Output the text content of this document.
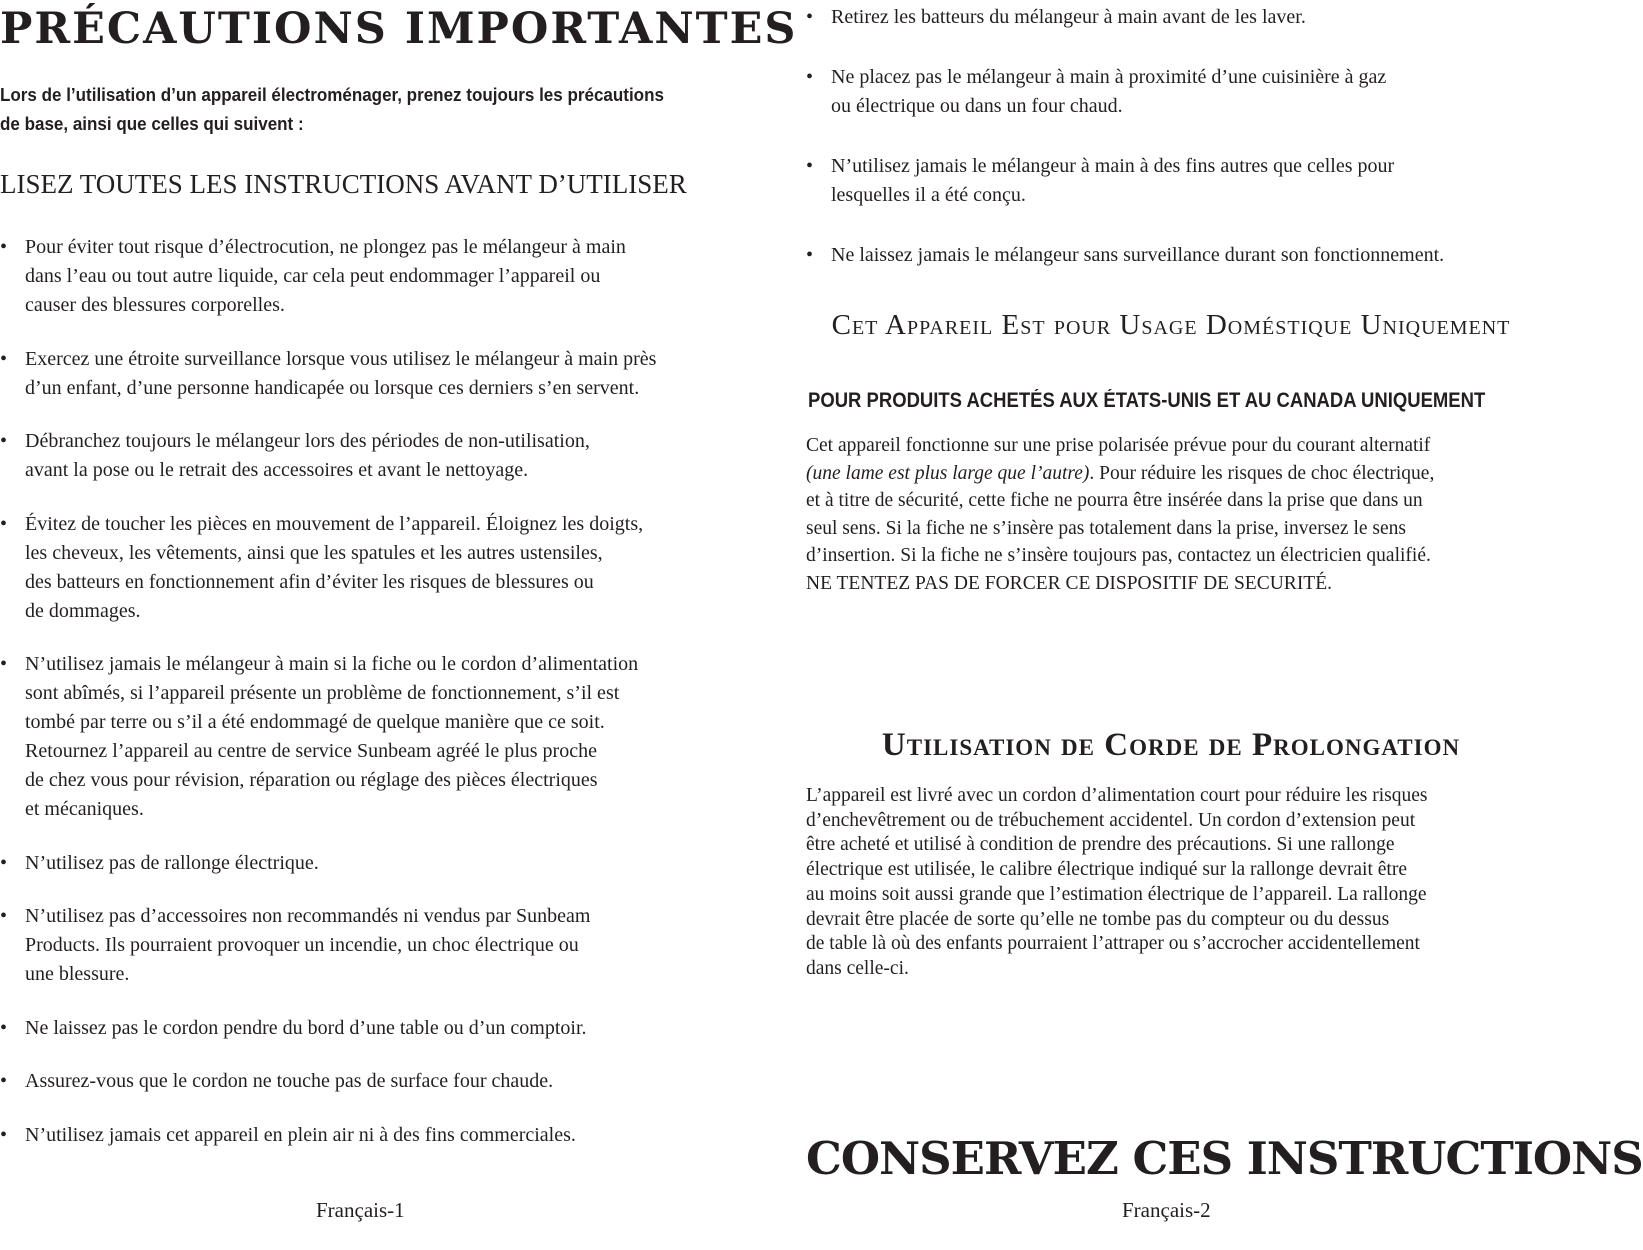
PRÉCAUTIONS IMPORTANTES

Lors de l’utilisation d’un appareil électroménager, prenez toujours les précautions
de base, ainsi que celles qui suivent :

LISEZ TOUTES LES INSTRUCTIONS AVANT D’UTILISER
• Pour éviter tout risque d’électrocution, ne plongez pas le mélangeur à main
dans l’eau ou tout autre liquide, car cela peut endommager l’appareil ou
causer des blessures corporelles.
• Exercez une étroite surveillance lorsque vous utilisez le mélangeur à main près
d’un enfant, d’une personne handicapée ou lorsque ces derniers s’en servent.
• Débranchez toujours le mélangeur lors des périodes de non-utilisation,
avant la pose ou le retrait des accessoires et avant le nettoyage.
• Évitez de toucher les pièces en mouvement de l’appareil. Éloignez les doigts,
les cheveux, les vêtements, ainsi que les spatules et les autres ustensiles,
des batteurs en fonctionnement afin d’éviter les risques de blessures ou
de dommages.
• N’utilisez jamais le mélangeur à main si la fiche ou le cordon d’alimentation
sont abîmés, si l’appareil présente un problème de fonctionnement, s’il est
tombé par terre ou s’il a été endommagé de quelque manière que ce soit.
Retournez l’appareil au centre de service Sunbeam agréé le plus proche
de chez vous pour révision, réparation ou réglage des pièces électriques
et mécaniques.
• N’utilisez pas de rallonge électrique.
• N’utilisez pas d’accessoires non recommandés ni vendus par Sunbeam
Products. Ils pourraient provoquer un incendie, un choc électrique ou
une blessure.
• Ne laissez pas le cordon pendre du bord d’une table ou d’un comptoir.
• Assurez-vous que le cordon ne touche pas de surface four chaude.
• N’utilisez jamais cet appareil en plein air ni à des fins commerciales.

Français-1

• Retirez les batteurs du mélangeur à main avant de les laver.
• Ne placez pas le mélangeur à main à proximité d’une cuisinière à gaz
ou électrique ou dans un four chaud.
• N’utilisez jamais le mélangeur à main à des fins autres que celles pour
lesquelles il a été conçu.
• Ne laissez jamais le mélangeur sans surveillance durant son fonctionnement.
Cet Appareil Est pour Usage Doméstique Uniquement
POUR PRODUITS ACHETÉS AUX ÉTATS-UNIS ET AU CANADA UNIQUEMENT

Cet appareil fonctionne sur une prise polarisée prévue pour du courant alternatif
(une lame est plus large que l’autre). Pour réduire les risques de choc électrique,
et à titre de sécurité, cette fiche ne pourra être insérée dans la prise que dans un
seul sens. Si la fiche ne s’insère pas totalement dans la prise, inversez le sens
d’insertion. Si la fiche ne s’insère toujours pas, contactez un électricien qualifié.
NE TENTEZ PAS DE FORCER CE DISPOSITIF DE SECURITÉ.

Utilisation de Corde de Prolongation

L’appareil est livré avec un cordon d’alimentation court pour réduire les risques
d’enchevêtrement ou de trébuchement accidentel. Un cordon d’extension peut
être acheté et utilisé à condition de prendre des précautions. Si une rallonge
électrique est utilisée, le calibre électrique indiqué sur la rallonge devrait être
au moins soit aussi grande que l’estimation électrique de l’appareil. La rallonge
devrait être placée de sorte qu’elle ne tombe pas du compteur ou du dessus
de table là où des enfants pourraient l’attraper ou s’accrocher accidentellement
dans celle-ci.

CONSERVEZ CES INSTRUCTIONS

Français-2
